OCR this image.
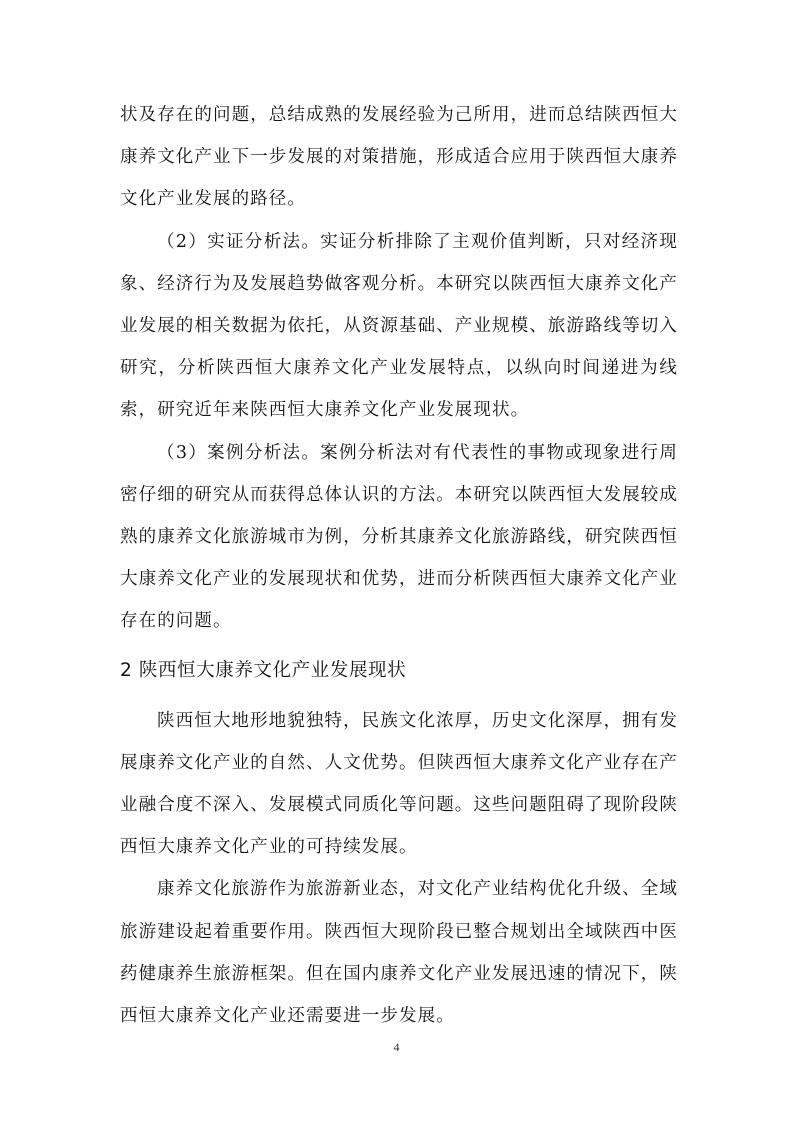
状及存在的问题，总结成熟的发展经验为己所用，进而总结陕西恒大康养文化产业下一步发展的对策措施，形成适合应用于陕西恒大康养文化产业发展的路径。

（2）实证分析法。实证分析排除了主观价值判断，只对经济现象、经济行为及发展趋势做客观分析。本研究以陕西恒大康养文化产业发展的相关数据为依托，从资源基础、产业规模、旅游路线等切入研究，分析陕西恒大康养文化产业发展特点，以纵向时间递进为线索，研究近年来陕西恒大康养文化产业发展现状。

（3）案例分析法。案例分析法对有代表性的事物或现象进行周密仔细的研究从而获得总体认识的方法。本研究以陕西恒大发展较成熟的康养文化旅游城市为例，分析其康养文化旅游路线，研究陕西恒大康养文化产业的发展现状和优势，进而分析陕西恒大康养文化产业存在的问题。

2 陕西恒大康养文化产业发展现状

陕西恒大地形地貌独特，民族文化浓厚，历史文化深厚，拥有发展康养文化产业的自然、人文优势。但陕西恒大康养文化产业存在产业融合度不深入、发展模式同质化等问题。这些问题阻碍了现阶段陕西恒大康养文化产业的可持续发展。

康养文化旅游作为旅游新业态，对文化产业结构优化升级、全域旅游建设起着重要作用。陕西恒大现阶段已整合规划出全域陕西中医药健康养生旅游框架。但在国内康养文化产业发展迅速的情况下，陕西恒大康养文化产业还需要进一步发展。

4
